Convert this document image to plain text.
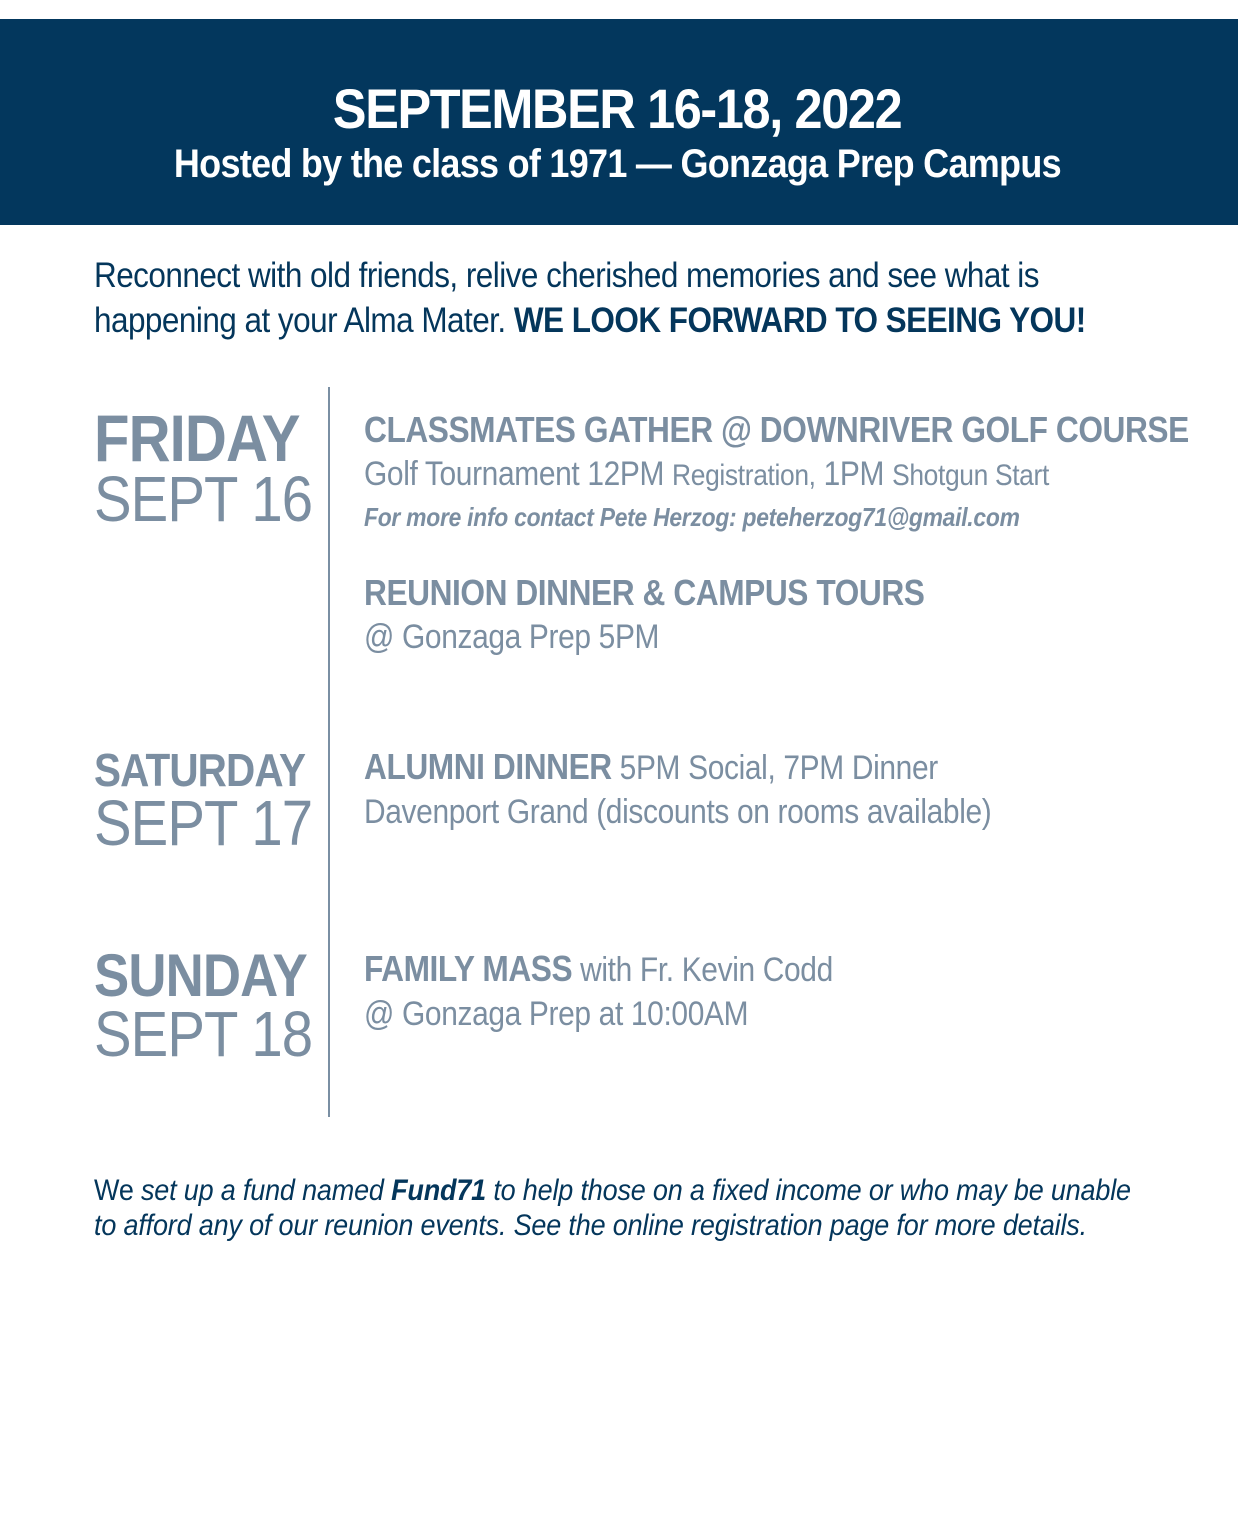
SEPTEMBER 16-18, 2022
Hosted by the class of 1971 — Gonzaga Prep Campus
Reconnect with old friends, relive cherished memories and see what is
happening at your Alma Mater. WE LOOK FORWARD TO SEEING YOU!
FRIDAY
SEPT 16
CLASSMATES GATHER @ DOWNRIVER GOLF COURSE
Golf Tournament 12PM Registration, 1PM Shotgun Start
For more info contact Pete Herzog: peteherzog71@gmail.com
REUNION DINNER & CAMPUS TOURS
@ Gonzaga Prep 5PM
SATURDAY
SEPT 17
ALUMNI DINNER 5PM Social, 7PM Dinner
Davenport Grand (discounts on rooms available)
SUNDAY
SEPT 18
FAMILY MASS with Fr. Kevin Codd
@ Gonzaga Prep at 10:00AM
We set up a fund named Fund71 to help those on a fixed income or who may be unable
to afford any of our reunion events. See the online registration page for more details.
